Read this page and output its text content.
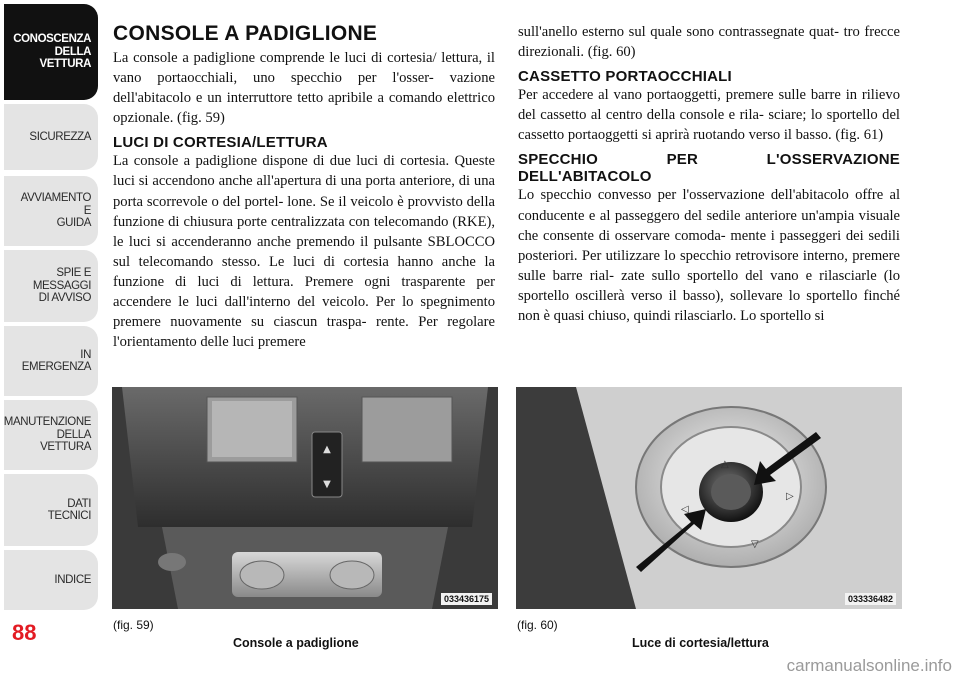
CONOSCENZA
DELLA
VETTURA
SICUREZZA
AVVIAMENTO
E
GUIDA
SPIE E
MESSAGGI
DI AVVISO
IN
EMERGENZA
MANUTENZIONE
DELLA
VETTURA
DATI
TECNICI
INDICE
88
CONSOLE A PADIGLIONE

La console a padiglione comprende le luci di cortesia/ lettura, il vano portaocchiali, uno specchio per l'osser- vazione dell'abitacolo e un interruttore tetto apribile a comando elettrico opzionale. (fig. 59)

LUCI DI CORTESIA/LETTURA

La console a padiglione dispone di due luci di cortesia. Queste luci si accendono anche all'apertura di una porta anteriore, di una porta scorrevole o del portel- lone. Se il veicolo è provvisto della funzione di chiusura porte centralizzata con telecomando (RKE), le luci si accenderanno anche premendo il pulsante SBLOCCO sul telecomando stesso. Le luci di cortesia hanno anche la funzione di luci di lettura. Premere ogni trasparente per accendere le luci dall'interno del veicolo. Per lo spegnimento premere nuovamente su ciascun traspa- rente. Per regolare l'orientamento delle luci premere

sull'anello esterno sul quale sono contrassegnate quat- tro frecce direzionali. (fig. 60)

CASSETTO PORTAOCCHIALI

Per accedere al vano portaoggetti, premere sulle barre in rilievo del cassetto al centro della console e rila- sciare; lo sportello del cassetto portaoggetti si aprirà ruotando verso il basso. (fig. 61)

SPECCHIO PER L'OSSERVAZIONE DELL'ABITACOLO

Lo specchio convesso per l'osservazione dell'abitacolo offre al conducente e al passeggero del sedile anteriore un'ampia visuale che consente di osservare comoda- mente i passeggeri dei sedili posteriori. Per utilizzare lo specchio retrovisore interno, premere sulle barre rial- zate sullo sportello del vano e rilasciarle (lo sportello oscillerà verso il basso), sollevare lo sportello finché non è quasi chiuso, quindi rilasciarlo. Lo sportello si

▲
▼
033436175
(fig. 59)
Console a padiglione
△
▷
◁
▽
033336482
(fig. 60)
Luce di cortesia/lettura
carmanualsonline.info
